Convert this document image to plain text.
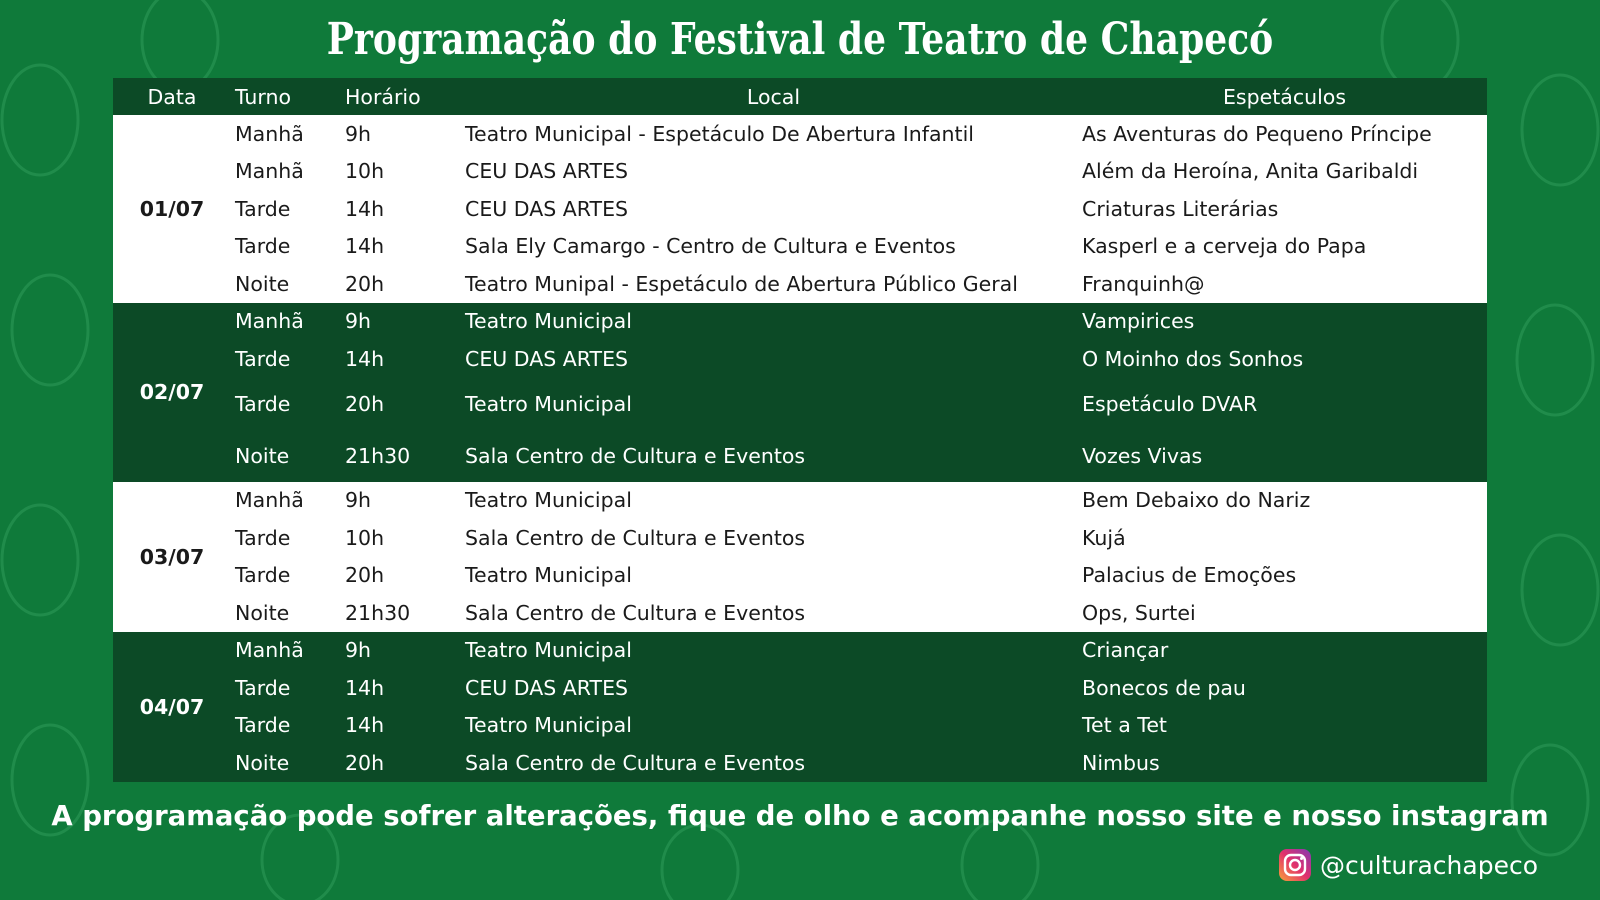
Programação do Festival de Teatro de Chapecó
Data	Turno	Horário	Local	Espetáculos
01/07	Manhã	9h	Teatro Municipal - Espetáculo De Abertura Infantil	As Aventuras do Pequeno Príncipe
	Manhã	10h	CEU DAS ARTES	Além da Heroína, Anita Garibaldi
	Tarde	14h	CEU DAS ARTES	Criaturas Literárias
	Tarde	14h	Sala Ely Camargo - Centro de Cultura e Eventos	Kasperl e a cerveja do Papa
	Noite	20h	Teatro Munipal - Espetáculo de Abertura Público Geral	Franquinh@
02/07	Manhã	9h	Teatro Municipal	Vampirices
	Tarde	14h	CEU DAS ARTES	O Moinho dos Sonhos
	Tarde	20h	Teatro Municipal	Espetáculo DVAR
	Noite	21h30	Sala Centro de Cultura e Eventos	Vozes Vivas
03/07	Manhã	9h	Teatro Municipal	Bem Debaixo do Nariz
	Tarde	10h	Sala Centro de Cultura e Eventos	Kujá
	Tarde	20h	Teatro Municipal	Palacius de Emoções
	Noite	21h30	Sala Centro de Cultura e Eventos	Ops, Surtei
04/07	Manhã	9h	Teatro Municipal	Criançar
	Tarde	14h	CEU DAS ARTES	Bonecos de pau
	Tarde	14h	Teatro Municipal	Tet a Tet
	Noite	20h	Sala Centro de Cultura e Eventos	Nimbus
A programação pode sofrer alterações, fique de olho e acompanhe nosso site e nosso instagram
@culturachapeco
